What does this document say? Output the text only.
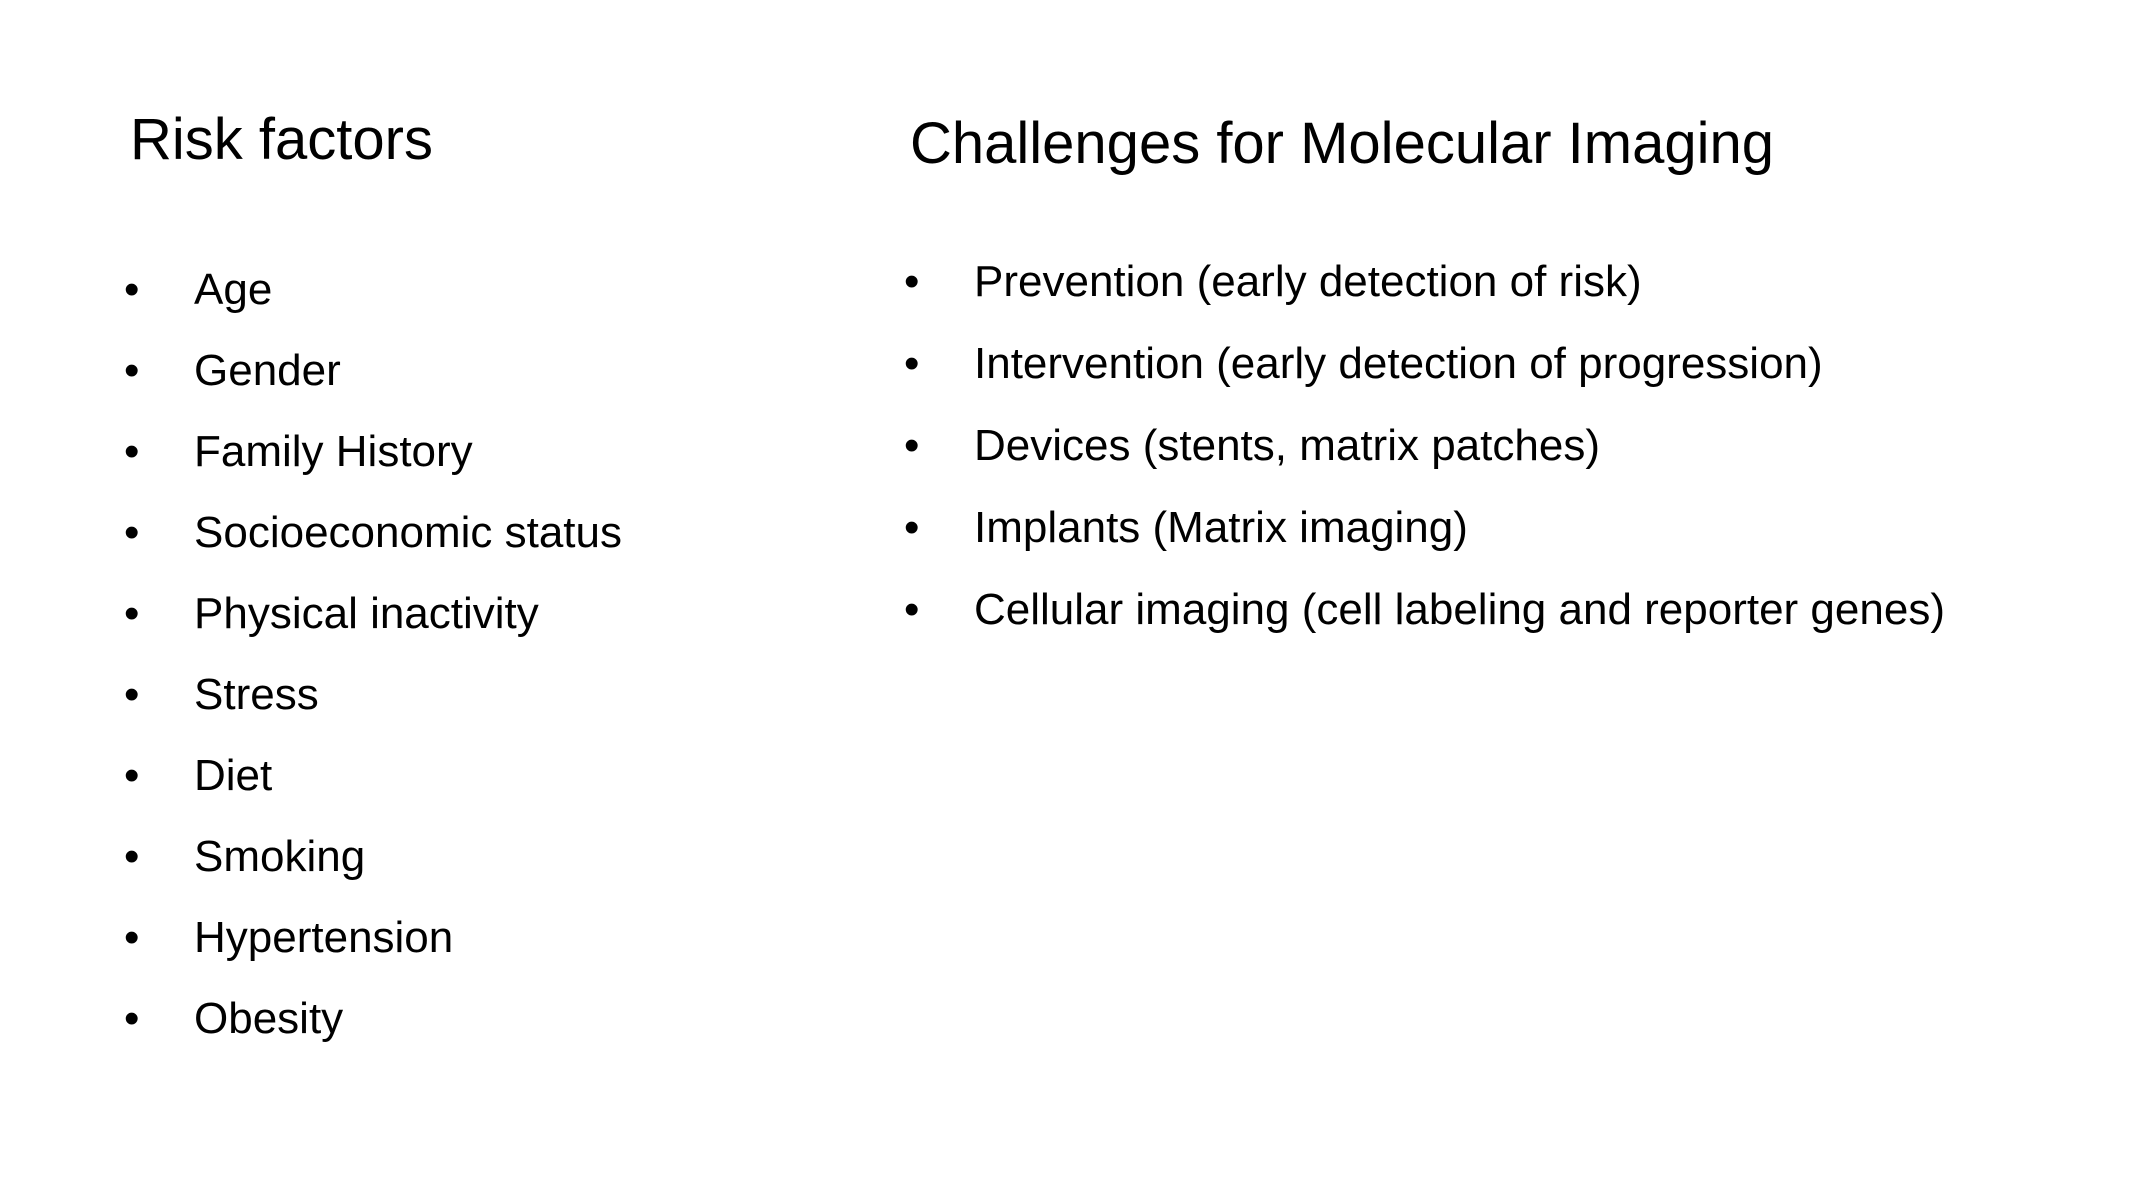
Risk factors
• Age
• Gender
• Family History
• Socioeconomic status
• Physical inactivity
• Stress
• Diet
• Smoking
• Hypertension
• Obesity
Challenges for Molecular Imaging
• Prevention (early detection of risk)
• Intervention (early detection of progression)
• Devices (stents, matrix patches)
• Implants (Matrix imaging)
• Cellular imaging (cell labeling and reporter genes)
